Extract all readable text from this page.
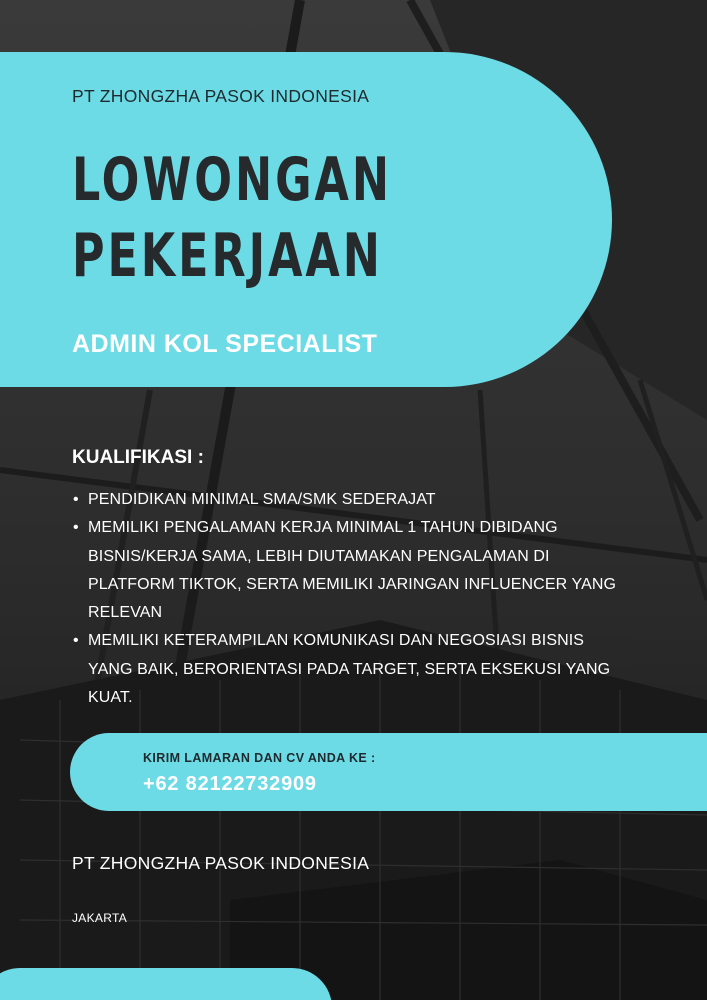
PT ZHONGZHA PASOK INDONESIA
LOWONGAN
PEKERJAAN
ADMIN KOL SPECIALIST
KUALIFIKASI :
• PENDIDIKAN MINIMAL SMA/SMK SEDERAJAT
• MEMILIKI PENGALAMAN KERJA MINIMAL 1 TAHUN DIBIDANG BISNIS/KERJA SAMA, LEBIH DIUTAMAKAN PENGALAMAN DI PLATFORM TIKTOK, SERTA MEMILIKI JARINGAN INFLUENCER YANG RELEVAN
• MEMILIKI KETERAMPILAN KOMUNIKASI DAN NEGOSIASI BISNIS YANG BAIK, BERORIENTASI PADA TARGET, SERTA EKSEKUSI YANG KUAT.
KIRIM LAMARAN DAN CV ANDA KE :
+62 82122732909
PT ZHONGZHA PASOK INDONESIA
JAKARTA
